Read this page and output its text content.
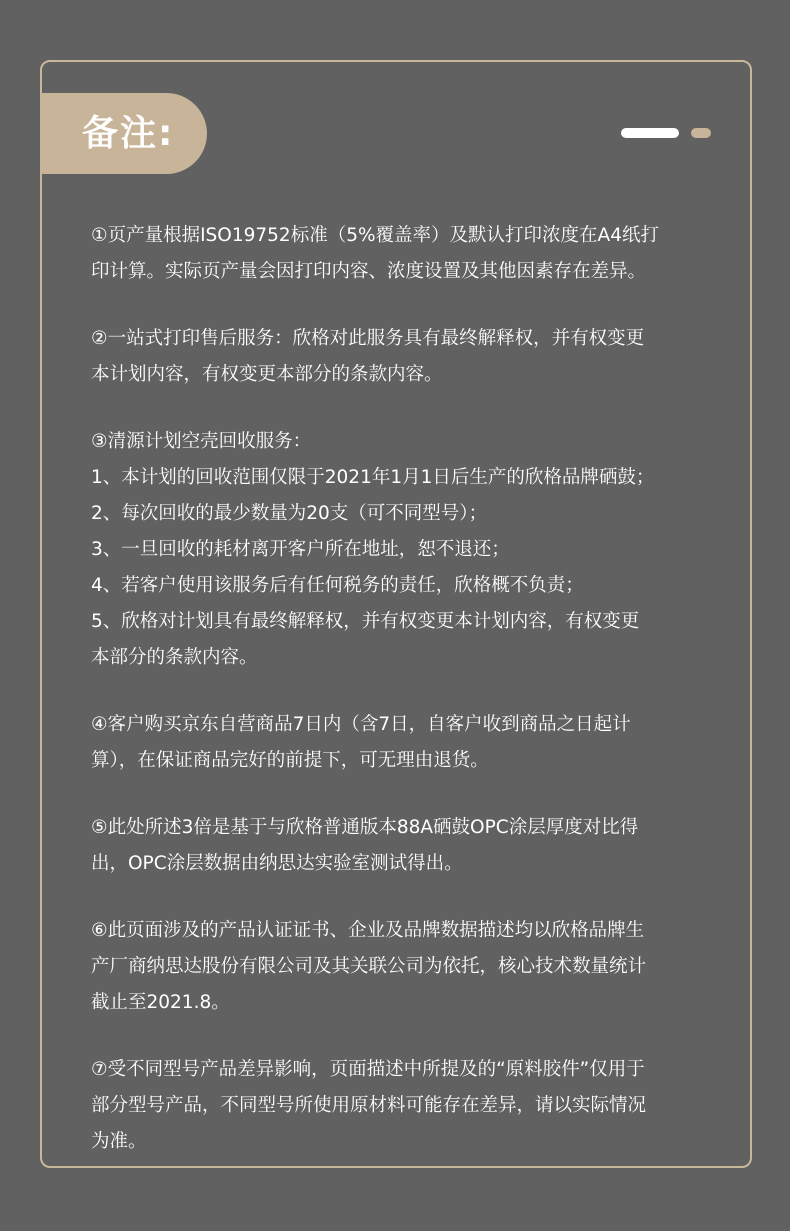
备注:

①页产量根据ISO19752标准（5%覆盖率）及默认打印浓度在A4纸打

印计算。实际页产量会因打印内容、浓度设置及其他因素存在差异。

②一站式打印售后服务：欣格对此服务具有最终解释权，并有权变更

本计划内容，有权变更本部分的条款内容。

③清源计划空壳回收服务：

1、本计划的回收范围仅限于2021年1月1日后生产的欣格品牌硒鼓；

2、每次回收的最少数量为20支（可不同型号）；

3、一旦回收的耗材离开客户所在地址，恕不退还；

4、若客户使用该服务后有任何税务的责任，欣格概不负责；

5、欣格对计划具有最终解释权，并有权变更本计划内容，有权变更

本部分的条款内容。

④客户购买京东自营商品7日内（含7日，自客户收到商品之日起计

算），在保证商品完好的前提下，可无理由退货。

⑤此处所述3倍是基于与欣格普通版本88A硒鼓OPC涂层厚度对比得

出，OPC涂层数据由纳思达实验室测试得出。

⑥此页面涉及的产品认证证书、企业及品牌数据描述均以欣格品牌生

产厂商纳思达股份有限公司及其关联公司为依托，核心技术数量统计

截止至2021.8。

⑦受不同型号产品差异影响，页面描述中所提及的“原料胶件”仅用于

部分型号产品，不同型号所使用原材料可能存在差异，请以实际情况

为准。
